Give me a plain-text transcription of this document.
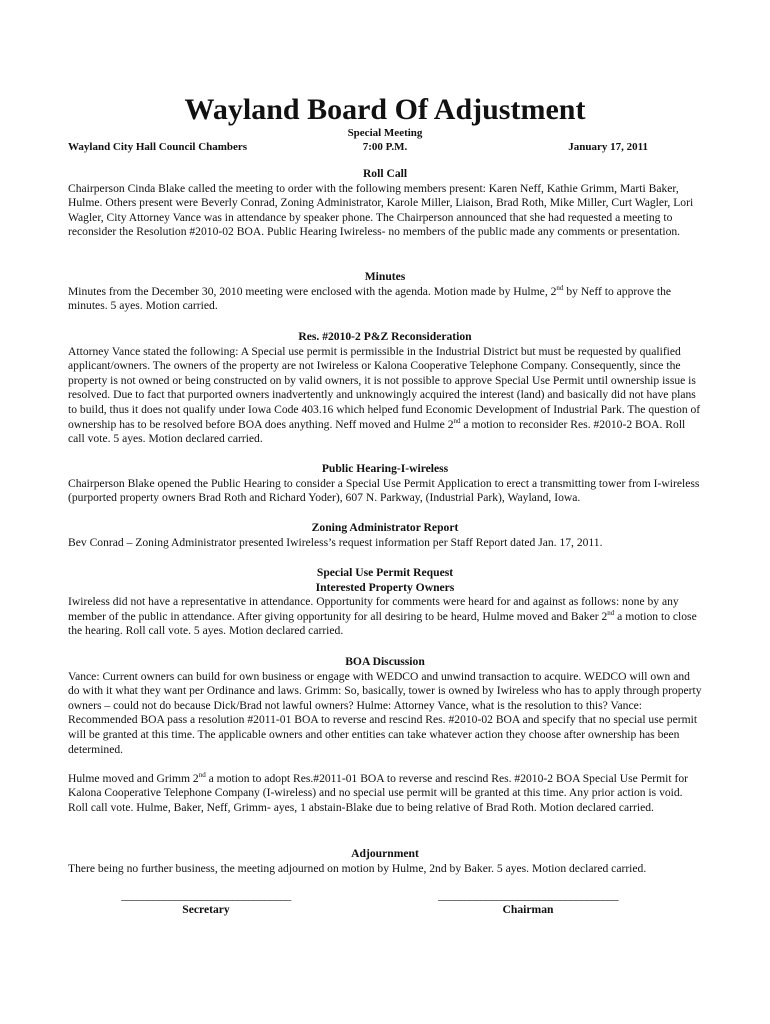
Wayland Board Of Adjustment
Wayland City Hall Council Chambers
Special Meeting
7:00 P.M.	January 17, 2011
Roll Call

Chairperson Cinda Blake called the meeting to order with the following members present: Karen Neff, Kathie Grimm, Marti Baker, Hulme. Others present were Beverly Conrad, Zoning Administrator, Karole Miller, Liaison, Brad Roth, Mike Miller, Curt Wagler, Lori Wagler, City Attorney Vance was in attendance by speaker phone. The Chairperson announced that she had requested a meeting to reconsider the Resolution #2010-02 BOA. Public Hearing Iwireless- no members of the public made any comments or presentation.

Minutes

Minutes from the December 30, 2010 meeting were enclosed with the agenda. Motion made by Hulme, 2nd by Neff to approve the minutes. 5 ayes. Motion carried.

Res. #2010-2 P&Z Reconsideration

Attorney Vance stated the following: A Special use permit is permissible in the Industrial District but must be requested by qualified applicant/owners. The owners of the property are not Iwireless or Kalona Cooperative Telephone Company. Consequently, since the property is not owned or being constructed on by valid owners, it is not possible to approve Special Use Permit until ownership issue is resolved. Due to fact that purported owners inadvertently and unknowingly acquired the interest (land) and basically did not have plans to build, thus it does not qualify under Iowa Code 403.16 which helped fund Economic Development of Industrial Park. The question of ownership has to be resolved before BOA does anything. Neff moved and Hulme 2nd a motion to reconsider Res. #2010-2 BOA. Roll call vote. 5 ayes. Motion declared carried.

Public Hearing-I-wireless

Chairperson Blake opened the Public Hearing to consider a Special Use Permit Application to erect a transmitting tower from I-wireless (purported property owners Brad Roth and Richard Yoder), 607 N. Parkway, (Industrial Park), Wayland, Iowa.

Zoning Administrator Report

Bev Conrad – Zoning Administrator presented Iwireless’s request information per Staff Report dated Jan. 17, 2011.

Special Use Permit Request
Interested Property Owners

Iwireless did not have a representative in attendance. Opportunity for comments were heard for and against as follows: none by any member of the public in attendance. After giving opportunity for all desiring to be heard, Hulme moved and Baker 2nd a motion to close the hearing. Roll call vote. 5 ayes. Motion declared carried.

BOA Discussion

Vance: Current owners can build for own business or engage with WEDCO and unwind transaction to acquire. WEDCO will own and do with it what they want per Ordinance and laws. Grimm: So, basically, tower is owned by Iwireless who has to apply through property owners – could not do because Dick/Brad not lawful owners? Hulme: Attorney Vance, what is the resolution to this? Vance: Recommended BOA pass a resolution #2011-01 BOA to reverse and rescind Res. #2010-02 BOA and specify that no special use permit will be granted at this time. The applicable owners and other entities can take whatever action they choose after ownership has been determined.

Hulme moved and Grimm 2nd a motion to adopt Res.#2011-01 BOA to reverse and rescind Res. #2010-2 BOA Special Use Permit for Kalona Cooperative Telephone Company (I-wireless) and no special use permit will be granted at this time. Any prior action is void. Roll call vote. Hulme, Baker, Neff, Grimm- ayes, 1 abstain-Blake due to being relative of Brad Roth. Motion declared carried.

Adjournment

There being no further business, the meeting adjourned on motion by Hulme, 2nd by Baker. 5 ayes. Motion declared carried.

________________________________
Secretary
__________________________________
Chairman
